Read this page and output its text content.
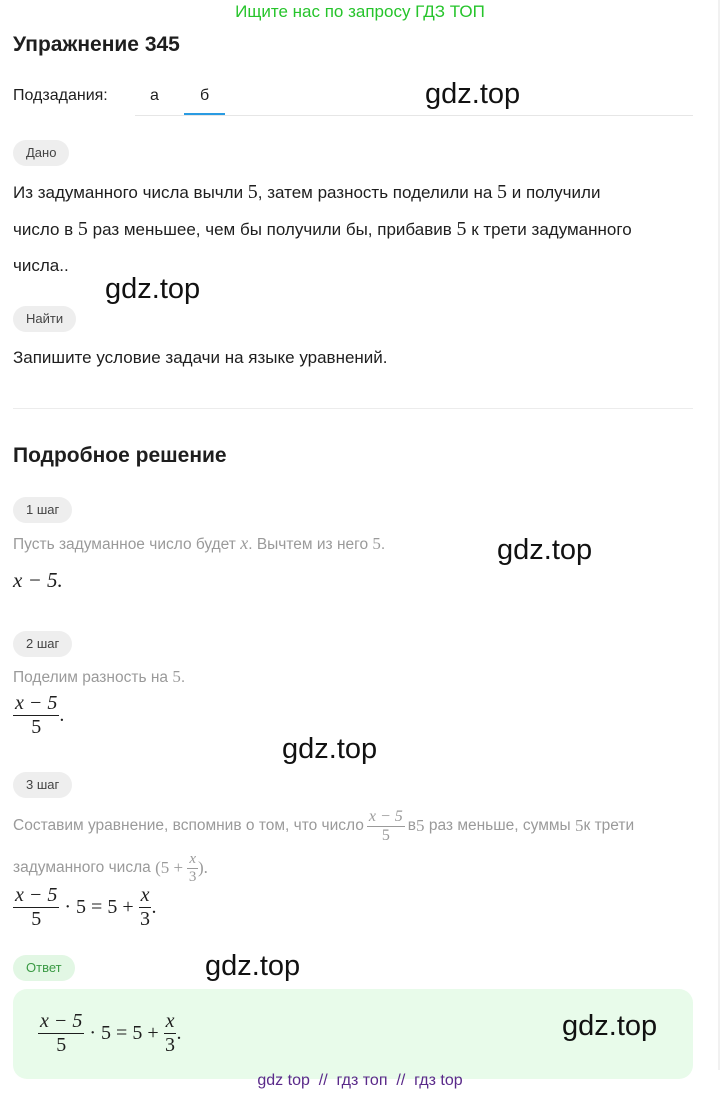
Ищите нас по запросу ГДЗ ТОП
Упражнение 345
Подзадания:	а	б	gdz.top
Дано
Из задуманного числа вычли 5, затем разность поделили на 5 и получили
число в 5 раз меньшее, чем бы получили бы, прибавив 5 к трети задуманного
числа..
gdz.top
Найти
Запишите условие задачи на языке уравнений.
Подробное решение
1 шаг
Пусть задуманное число будет x. Вычтем из него 5.
x − 5.
gdz.top
2 шаг
Поделим разность на 5.
$\frac{x - 5}{5}$ .
gdz.top
3 шаг
Составим уравнение, вспомнив о том, что число $\frac{x - 5}{5}$ в 5 раз меньше, суммы 5 к трети
задуманного числа ($5 + \frac{x}{3}$ ).
$\frac{x - 5}{5} \cdot 5 = 5 + \frac{x}{3}$ .
gdz.top
Ответ
$\frac{x - 5}{5} \cdot 5 = 5 + \frac{x}{3}$ .	gdz.top
gdz top  //  гдз топ  //  гдз top
